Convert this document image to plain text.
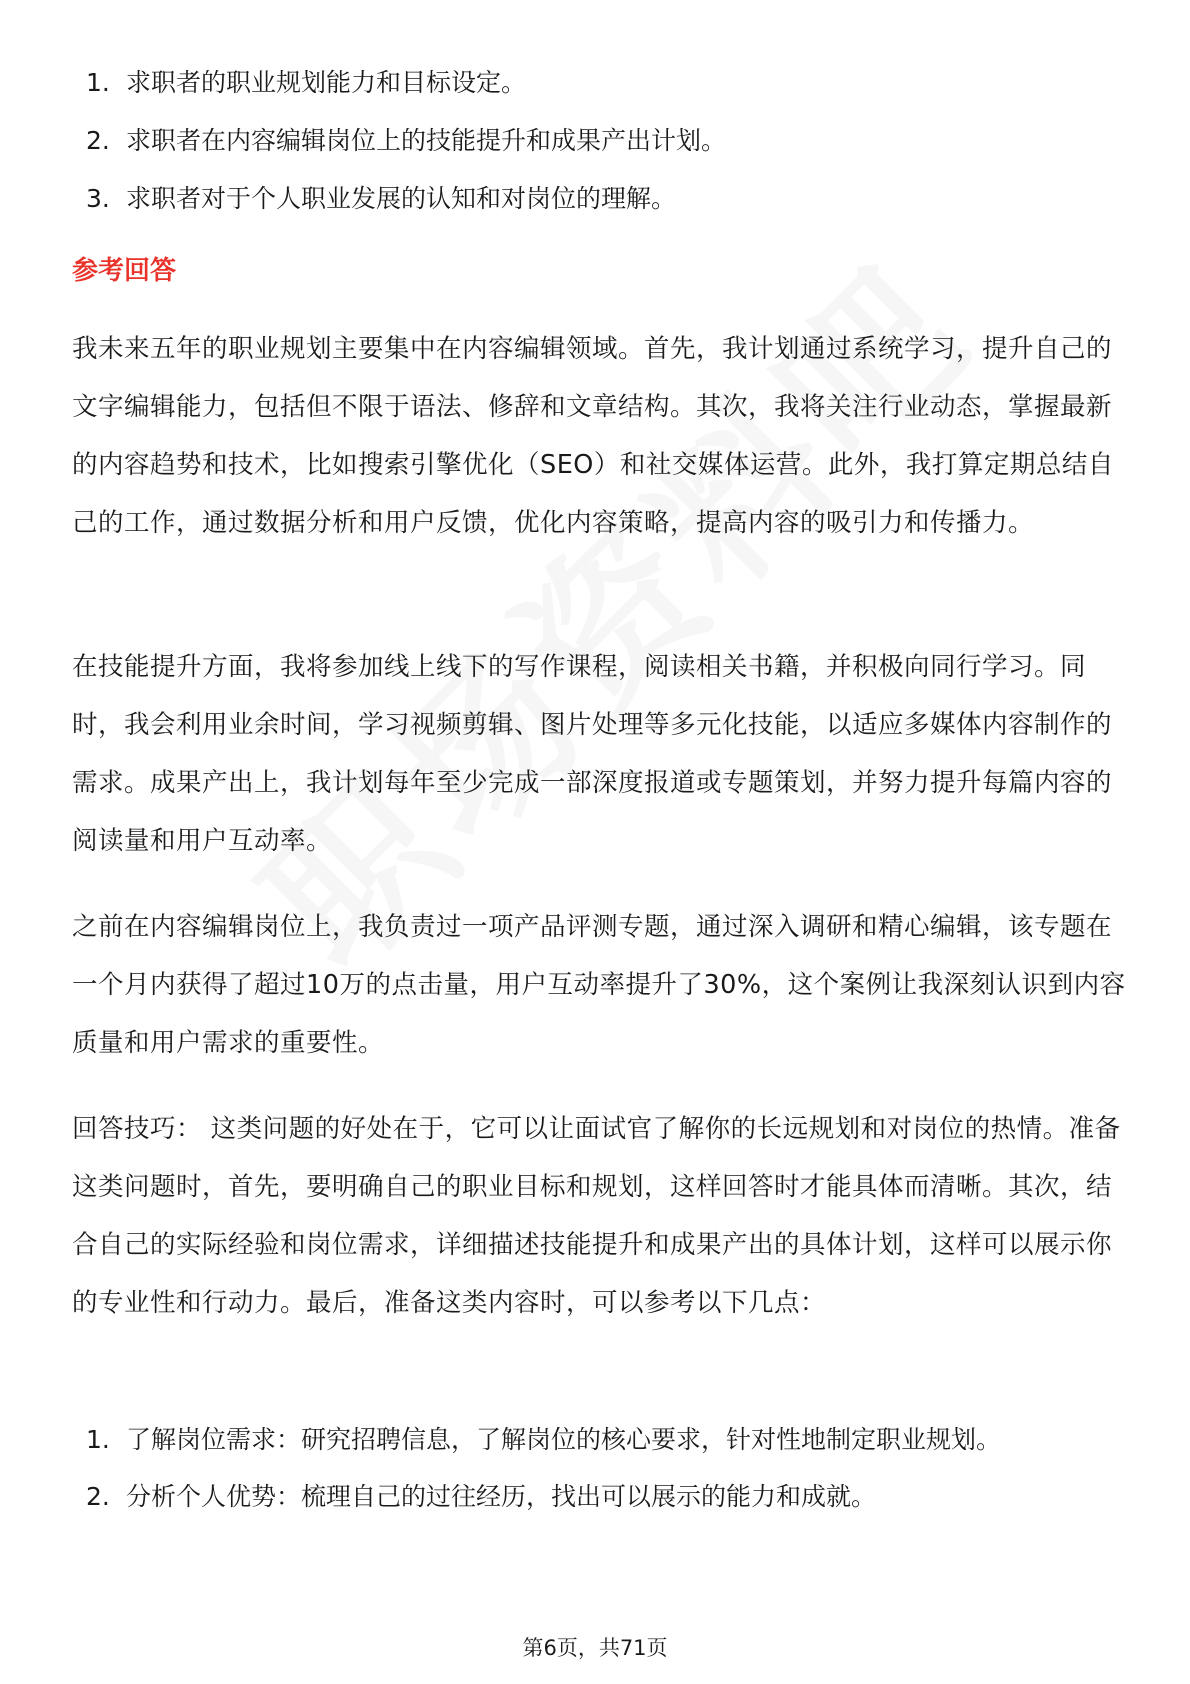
1. 求职者的职业规划能力和目标设定。
2. 求职者在内容编辑岗位上的技能提升和成果产出计划。
3. 求职者对于个人职业发展的认知和对岗位的理解。
参考回答

我未来五年的职业规划主要集中在内容编辑领域。首先，我计划通过系统学习，提升自己的文字编辑能力，包括但不限于语法、修辞和文章结构。其次，我将关注行业动态，掌握最新的内容趋势和技术，比如搜索引擎优化（SEO）和社交媒体运营。此外，我打算定期总结自己的工作，通过数据分析和用户反馈，优化内容策略，提高内容的吸引力和传播力。

在技能提升方面，我将参加线上线下的写作课程，阅读相关书籍，并积极向同行学习。同时，我会利用业余时间，学习视频剪辑、图片处理等多元化技能，以适应多媒体内容制作的需求。成果产出上，我计划每年至少完成一部深度报道或专题策划，并努力提升每篇内容的阅读量和用户互动率。

之前在内容编辑岗位上，我负责过一项产品评测专题，通过深入调研和精心编辑，该专题在一个月内获得了超过10万的点击量，用户互动率提升了30%，这个案例让我深刻认识到内容质量和用户需求的重要性。

回答技巧： 这类问题的好处在于，它可以让面试官了解你的长远规划和对岗位的热情。准备这类问题时，首先，要明确自己的职业目标和规划，这样回答时才能具体而清晰。其次，结合自己的实际经验和岗位需求，详细描述技能提升和成果产出的具体计划，这样可以展示你的专业性和行动力。最后，准备这类内容时，可以参考以下几点：

1. 了解岗位需求：研究招聘信息，了解岗位的核心要求，针对性地制定职业规划。
2. 分析个人优势：梳理自己的过往经历，找出可以展示的能力和成就。
第6页，共71页
